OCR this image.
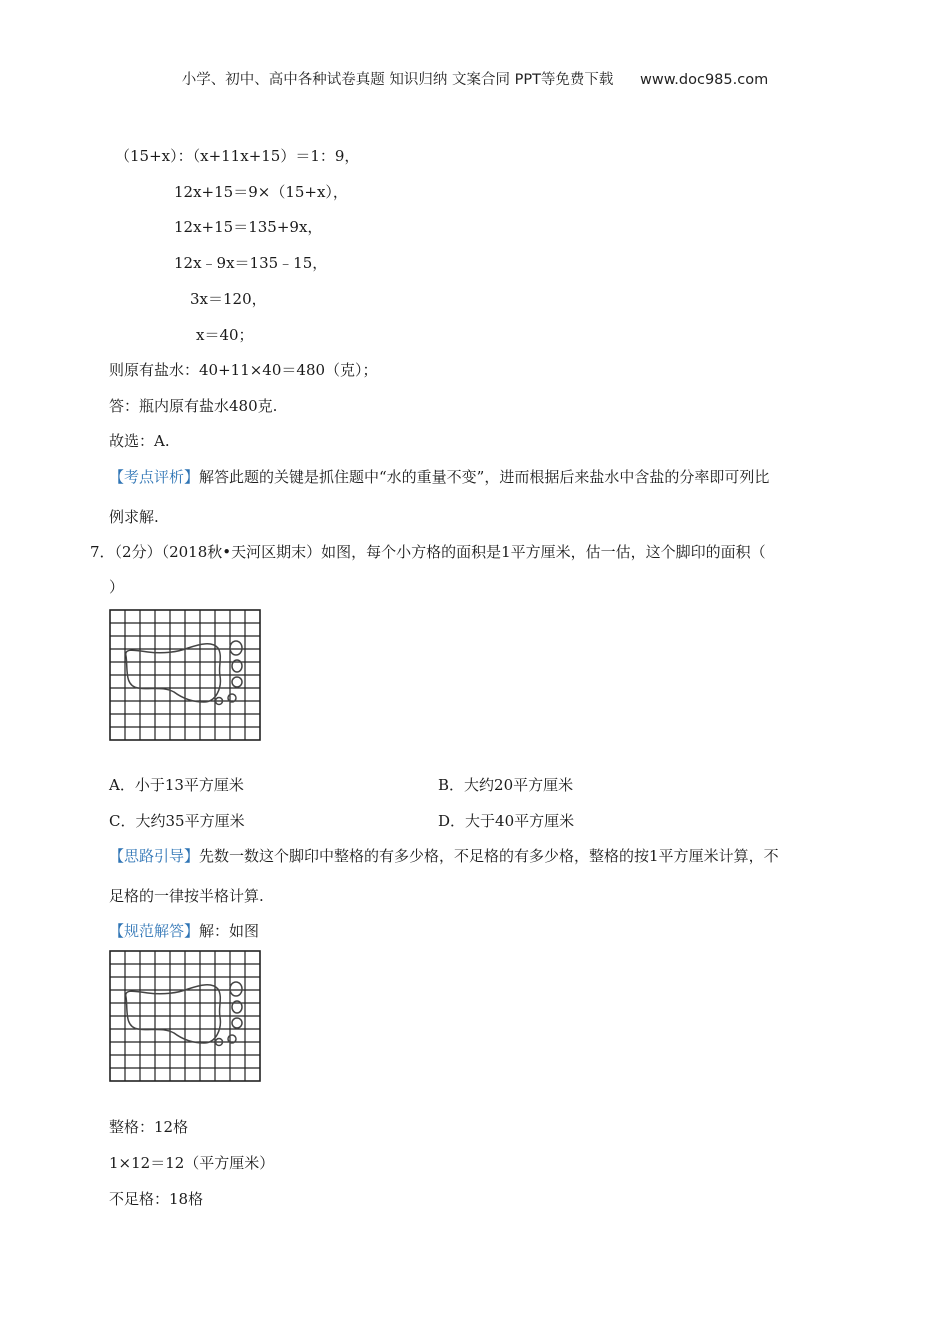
小学、初中、高中各种试卷真题 知识归纳 文案合同 PPT等免费下载 www.doc985.com
（15+x）：（x+11x+15）＝1：9，
12x+15＝9×（15+x），
12x+15＝135+9x，
12x﹣9x＝135﹣15，
3x＝120，
x＝40；
则原有盐水：40+11×40＝480（克）；
答：瓶内原有盐水480克.
故选：A.
【考点评析】解答此题的关键是抓住题中“水的重量不变”，进而根据后来盐水中含盐的分率即可列比
例求解.
7．（2分）（2018秋•天河区期末）如图，每个小方格的面积是1平方厘米，估一估，这个脚印的面积（
）
A．小于13平方厘米	B．大约20平方厘米
C．大约35平方厘米	D．大于40平方厘米
【思路引导】先数一数这个脚印中整格的有多少格，不足格的有多少格，整格的按1平方厘米计算，不
足格的一律按半格计算.
【规范解答】解：如图
整格：12格
1×12＝12（平方厘米）
不足格：18格
